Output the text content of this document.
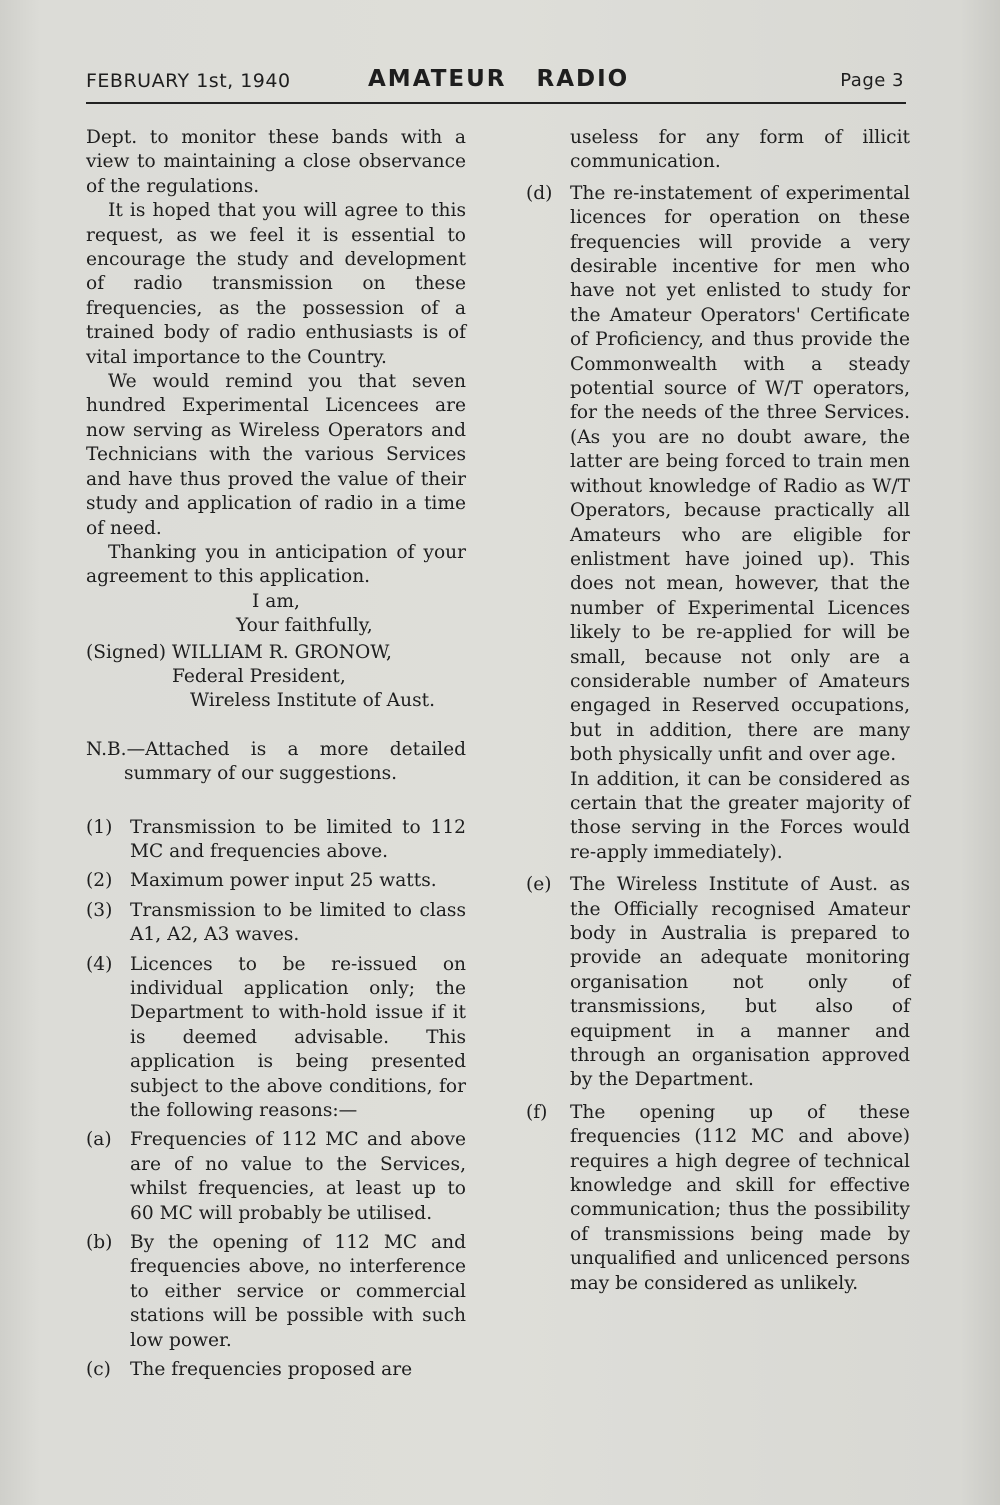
FEBRUARY 1st, 1940	AMATEUR RADIO	Page 3

Dept. to monitor these bands with a view to maintaining a close observance of the regulations.

It is hoped that you will agree to this request, as we feel it is essential to encourage the study and development of radio transmission on these frequencies, as the possession of a trained body of radio enthusiasts is of vital importance to the Country.

We would remind you that seven hundred Experimental Licencees are now serving as Wireless Operators and Technicians with the various Services and have thus proved the value of their study and application of radio in a time of need.

Thanking you in anticipation of your agreement to this application.

I am,

Your faithfully,

(Signed) WILLIAM R. GRONOW,

Federal President,

Wireless Institute of Aust.

N.B.—Attached is a more detailed summary of our suggestions.

(1) Transmission to be limited to 112 MC and frequencies above.
(2) Maximum power input 25 watts.
(3) Transmission to be limited to class A1, A2, A3 waves.
(4) Licences to be re-issued on individual application only; the Department to with-hold issue if it is deemed advisable. This application is being presented subject to the above conditions, for the following reasons:—
(a) Frequencies of 112 MC and above are of no value to the Services, whilst frequencies, at least up to 60 MC will probably be utilised.
(b) By the opening of 112 MC and frequencies above, no interference to either service or commercial stations will be possible with such low power.
(c)	The frequencies proposed are

useless for any form of illicit communication.

(d) The re-instatement of experimental licences for operation on these frequencies will provide a very desirable incentive for men who have not yet enlisted to study for the Amateur Operators' Certificate of Proficiency, and thus provide the Commonwealth with a steady potential source of W/T operators, for the needs of the three Services. (As you are no doubt aware, the latter are being forced to train men without knowledge of Radio as W/T Operators, because practically all Amateurs who are eligible for enlistment have joined up). This does not mean, however, that the number of Experimental Licences likely to be re-applied for will be small, because not only are a considerable number of Amateurs engaged in Reserved occupations, but in addition, there are many both physically unfit and over age.
In addition, it can be considered as certain that the greater majority of those serving in the Forces would re-apply immediately).
(e) The Wireless Institute of Aust. as the Officially recognised Amateur body in Australia is prepared to provide an adequate monitoring organisation not only of transmissions, but also of equipment in a manner and through an organisation approved by the Department.
(f)	The opening up of these frequencies (112 MC and above) requires a high degree of technical knowledge and skill for effective communication; thus the possibility of transmissions being made by unqualified and unlicenced persons may be considered as unlikely.
